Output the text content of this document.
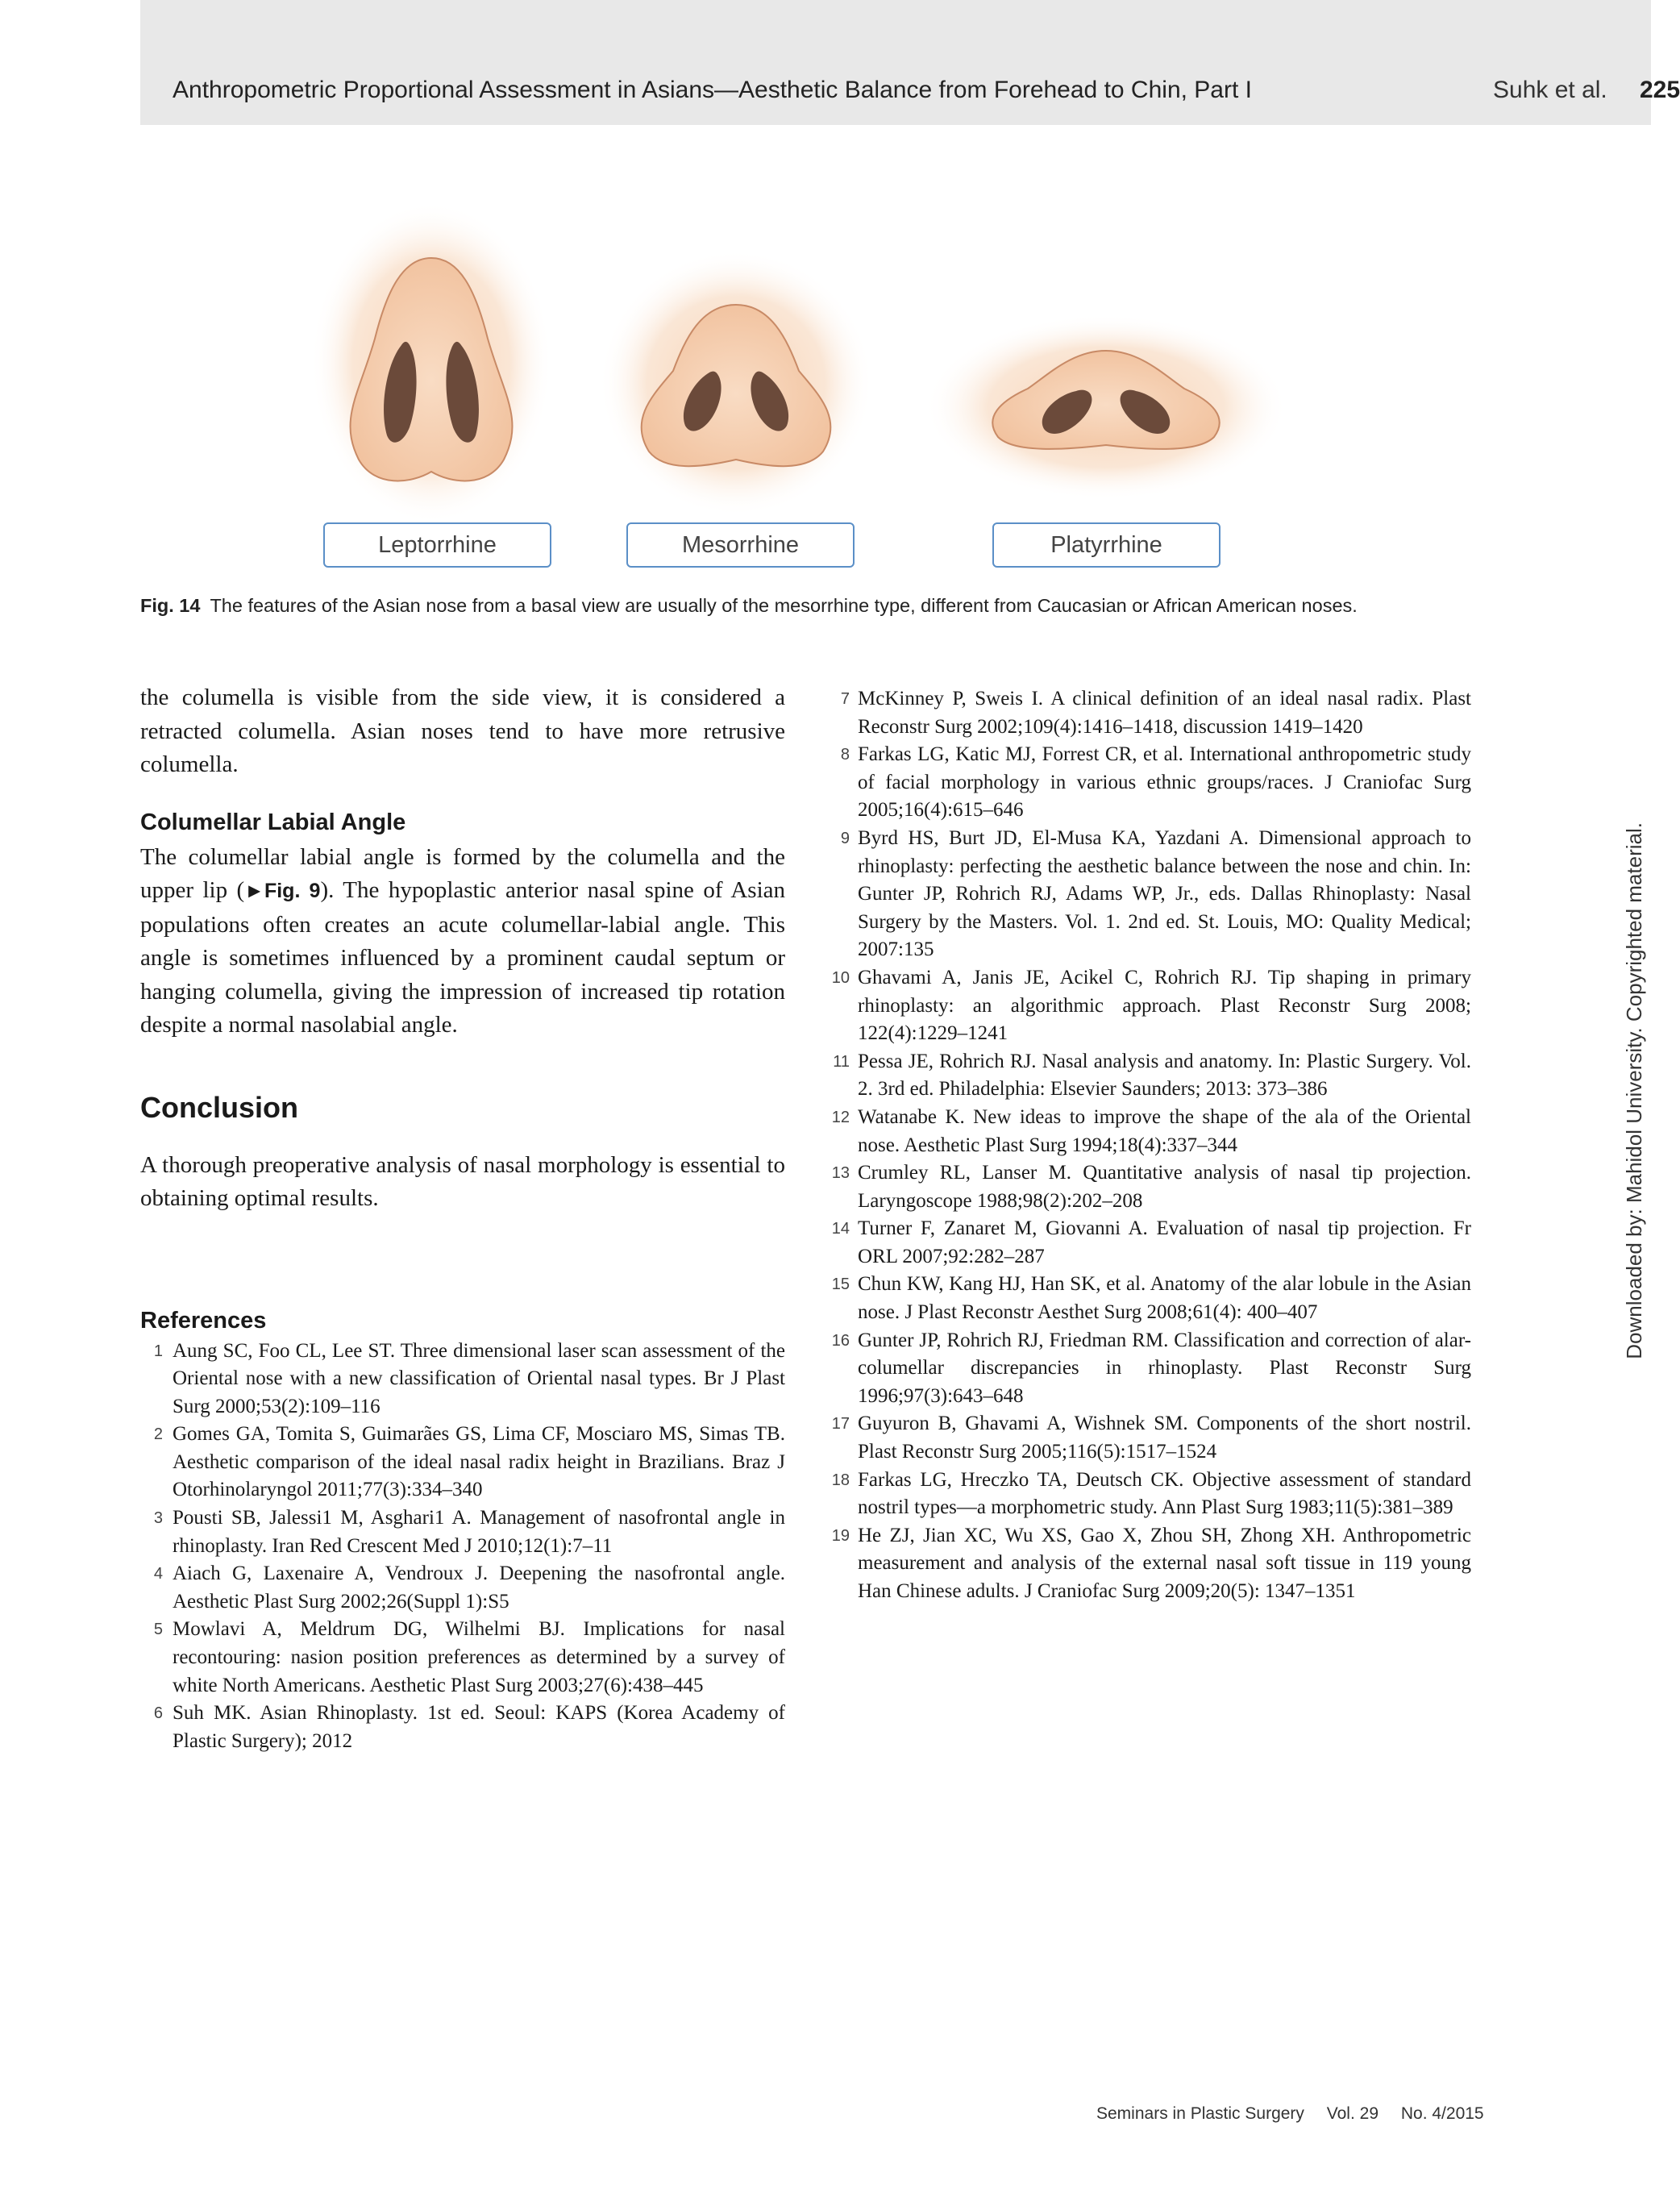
Anthropometric Proportional Assessment in Asians—Aesthetic Balance from Forehead to Chin, Part I	Suhk et al. 225
Leptorrhine	Mesorrhine	Platyrrhine
Fig. 14 The features of the Asian nose from a basal view are usually of the mesorrhine type, different from Caucasian or African American noses.

the columella is visible from the side view, it is considered a retracted columella. Asian noses tend to have more retrusive columella.

Columellar Labial Angle

The columellar labial angle is formed by the columella and the upper lip (►Fig. 9). The hypoplastic anterior nasal spine of Asian populations often creates an acute columellar-labial angle. This angle is sometimes influenced by a prominent caudal septum or hanging columella, giving the impression of increased tip rotation despite a normal nasolabial angle.

Conclusion

A thorough preoperative analysis of nasal morphology is essential to obtaining optimal results.

References

1 Aung SC, Foo CL, Lee ST. Three dimensional laser scan assessment of the Oriental nose with a new classification of Oriental nasal types. Br J Plast Surg 2000;53(2):109–116

2 Gomes GA, Tomita S, Guimarães GS, Lima CF, Mosciaro MS, Simas TB. Aesthetic comparison of the ideal nasal radix height in Brazilians. Braz J Otorhinolaryngol 2011;77(3):334–340

3 Pousti SB, Jalessi1 M, Asghari1 A. Management of nasofrontal angle in rhinoplasty. Iran Red Crescent Med J 2010;12(1):7–11

4 Aiach G, Laxenaire A, Vendroux J. Deepening the nasofrontal angle. Aesthetic Plast Surg 2002;26(Suppl 1):S5

5 Mowlavi A, Meldrum DG, Wilhelmi BJ. Implications for nasal recontouring: nasion position preferences as determined by a survey of white North Americans. Aesthetic Plast Surg 2003;27(6):438–445

6 Suh MK. Asian Rhinoplasty. 1st ed. Seoul: KAPS (Korea Academy of Plastic Surgery); 2012

7 McKinney P, Sweis I. A clinical definition of an ideal nasal radix. Plast Reconstr Surg 2002;109(4):1416–1418, discussion 1419–1420

8 Farkas LG, Katic MJ, Forrest CR, et al. International anthropometric study of facial morphology in various ethnic groups/races. J Craniofac Surg 2005;16(4):615–646

9 Byrd HS, Burt JD, El-Musa KA, Yazdani A. Dimensional approach to rhinoplasty: perfecting the aesthetic balance between the nose and chin. In: Gunter JP, Rohrich RJ, Adams WP, Jr., eds. Dallas Rhinoplasty: Nasal Surgery by the Masters. Vol. 1. 2nd ed. St. Louis, MO: Quality Medical; 2007:135

10 Ghavami A, Janis JE, Acikel C, Rohrich RJ. Tip shaping in primary rhinoplasty: an algorithmic approach. Plast Reconstr Surg 2008; 122(4):1229–1241

11 Pessa JE, Rohrich RJ. Nasal analysis and anatomy. In: Plastic Surgery. Vol. 2. 3rd ed. Philadelphia: Elsevier Saunders; 2013: 373–386

12 Watanabe K. New ideas to improve the shape of the ala of the Oriental nose. Aesthetic Plast Surg 1994;18(4):337–344

13 Crumley RL, Lanser M. Quantitative analysis of nasal tip projection. Laryngoscope 1988;98(2):202–208

14 Turner F, Zanaret M, Giovanni A. Evaluation of nasal tip projection. Fr ORL 2007;92:282–287

15 Chun KW, Kang HJ, Han SK, et al. Anatomy of the alar lobule in the Asian nose. J Plast Reconstr Aesthet Surg 2008;61(4): 400–407

16 Gunter JP, Rohrich RJ, Friedman RM. Classification and correction of alar-columellar discrepancies in rhinoplasty. Plast Reconstr Surg 1996;97(3):643–648

17 Guyuron B, Ghavami A, Wishnek SM. Components of the short nostril. Plast Reconstr Surg 2005;116(5):1517–1524

18 Farkas LG, Hreczko TA, Deutsch CK. Objective assessment of standard nostril types—a morphometric study. Ann Plast Surg 1983;11(5):381–389

19 He ZJ, Jian XC, Wu XS, Gao X, Zhou SH, Zhong XH. Anthropometric measurement and analysis of the external nasal soft tissue in 119 young Han Chinese adults. J Craniofac Surg 2009;20(5): 1347–1351

Downloaded by: Mahidol University. Copyrighted material.
Seminars in Plastic Surgery Vol. 29 No. 4/2015
